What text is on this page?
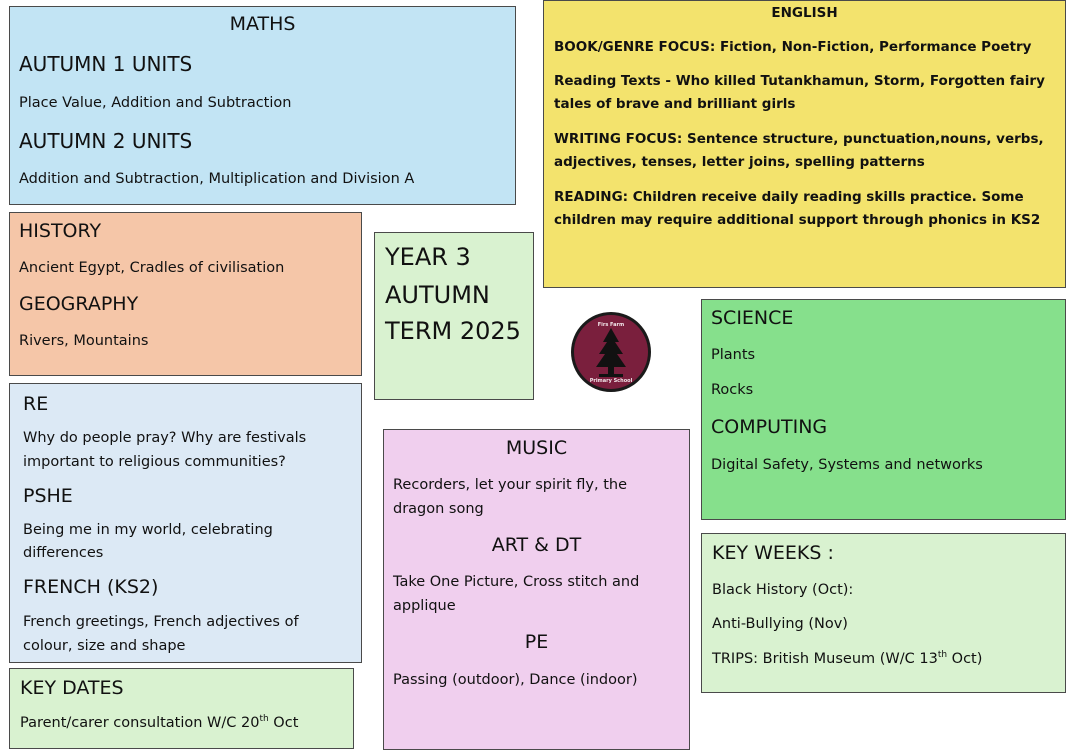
MATHS

AUTUMN 1 UNITS

Place Value, Addition and Subtraction

AUTUMN 2 UNITS

Addition and Subtraction, Multiplication and Division A

ENGLISH

BOOK/GENRE FOCUS: Fiction, Non-Fiction, Performance Poetry

Reading Texts - Who killed Tutankhamun, Storm, Forgotten fairy

tales of brave and brilliant girls

WRITING FOCUS: Sentence structure, punctuation,nouns, verbs,

adjectives, tenses, letter joins, spelling patterns

READING: Children receive daily reading skills practice. Some

children may require additional support through phonics in KS2

HISTORY

Ancient Egypt, Cradles of civilisation

GEOGRAPHY

Rivers, Mountains

YEAR 3

AUTUMN

TERM 2025	Firs Farm
Primary School

SCIENCE

Plants

Rocks

COMPUTING

Digital Safety, Systems and networks

RE

Why do people pray? Why are festivals

important to religious communities?

PSHE

Being me in my world, celebrating

differences

FRENCH (KS2)

French greetings, French adjectives of

colour, size and shape

MUSIC

Recorders, let your spirit fly, the

dragon song

ART & DT

Take One Picture, Cross stitch and

applique

PE

Passing (outdoor), Dance (indoor)

KEY WEEKS :

Black History (Oct):

Anti-Bullying (Nov)

TRIPS: British Museum (W/C 13th Oct)

KEY DATES

Parent/carer consultation W/C 20th Oct
